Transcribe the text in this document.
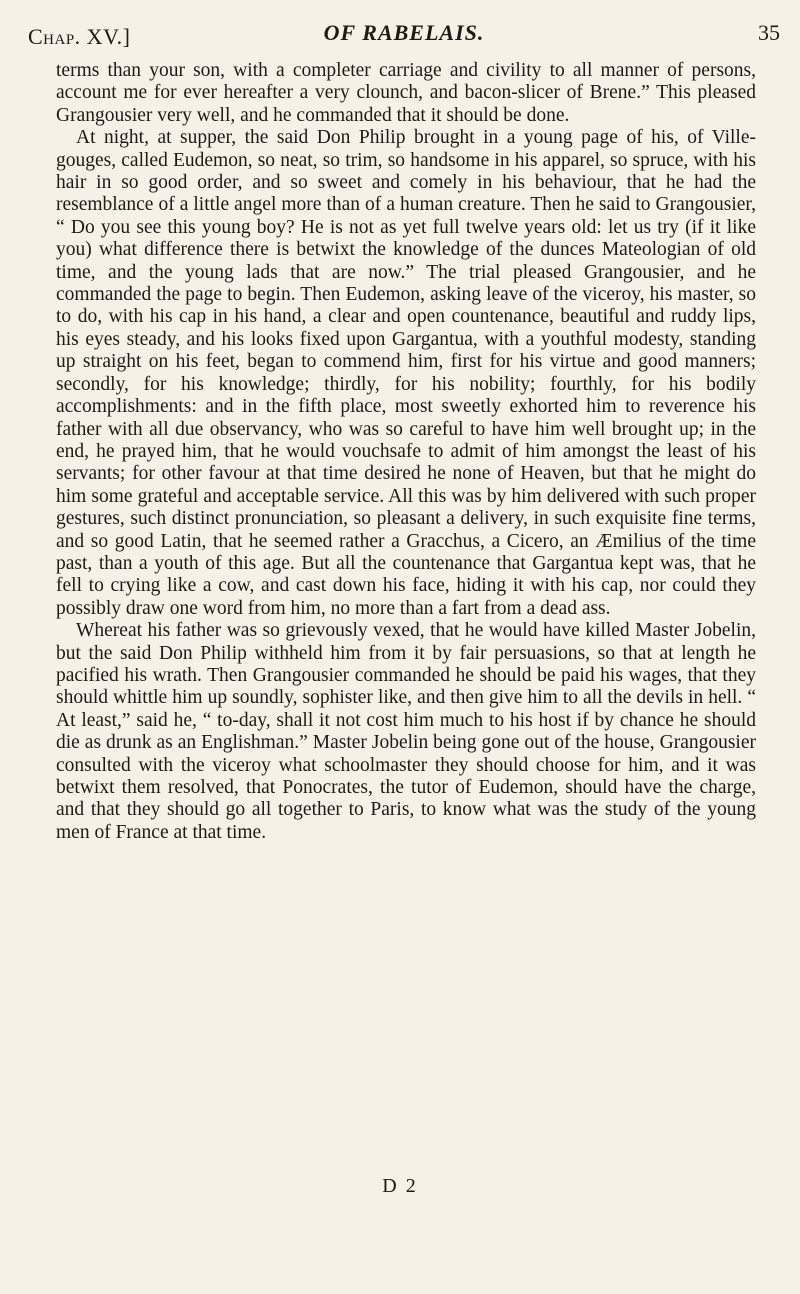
Chap. XV.]	OF RABELAIS.	35

terms than your son, with a completer carriage and civility to all manner of persons, account me for ever hereafter a very clounch, and bacon-slicer of Brene.” This pleased Grangousier very well, and he commanded that it should be done.

At night, at supper, the said Don Philip brought in a young page of his, of Ville-gouges, called Eudemon, so neat, so trim, so handsome in his apparel, so spruce, with his hair in so good order, and so sweet and comely in his behaviour, that he had the resemblance of a little angel more than of a human creature. Then he said to Grangousier, “ Do you see this young boy? He is not as yet full twelve years old: let us try (if it like you) what difference there is betwixt the knowledge of the dunces Mateologian of old time, and the young lads that are now.” The trial pleased Grangousier, and he commanded the page to begin. Then Eudemon, asking leave of the viceroy, his master, so to do, with his cap in his hand, a clear and open countenance, beautiful and ruddy lips, his eyes steady, and his looks fixed upon Gargantua, with a youthful modesty, standing up straight on his feet, began to commend him, first for his virtue and good manners; secondly, for his knowledge; thirdly, for his nobility; fourthly, for his bodily accomplishments: and in the fifth place, most sweetly exhorted him to reverence his father with all due observancy, who was so careful to have him well brought up; in the end, he prayed him, that he would vouchsafe to admit of him amongst the least of his servants; for other favour at that time desired he none of Heaven, but that he might do him some grateful and acceptable service. All this was by him delivered with such proper gestures, such distinct pronunciation, so pleasant a delivery, in such exquisite fine terms, and so good Latin, that he seemed rather a Gracchus, a Cicero, an Æmilius of the time past, than a youth of this age. But all the countenance that Gargantua kept was, that he fell to crying like a cow, and cast down his face, hiding it with his cap, nor could they possibly draw one word from him, no more than a fart from a dead ass.

Whereat his father was so grievously vexed, that he would have killed Master Jobelin, but the said Don Philip withheld him from it by fair persuasions, so that at length he pacified his wrath. Then Grangousier commanded he should be paid his wages, that they should whittle him up soundly, sophister like, and then give him to all the devils in hell. “ At least,” said he, “ to-day, shall it not cost him much to his host if by chance he should die as drunk as an Englishman.” Master Jobelin being gone out of the house, Grangousier consulted with the viceroy what schoolmaster they should choose for him, and it was betwixt them resolved, that Ponocrates, the tutor of Eudemon, should have the charge, and that they should go all together to Paris, to know what was the study of the young men of France at that time.

D 2
